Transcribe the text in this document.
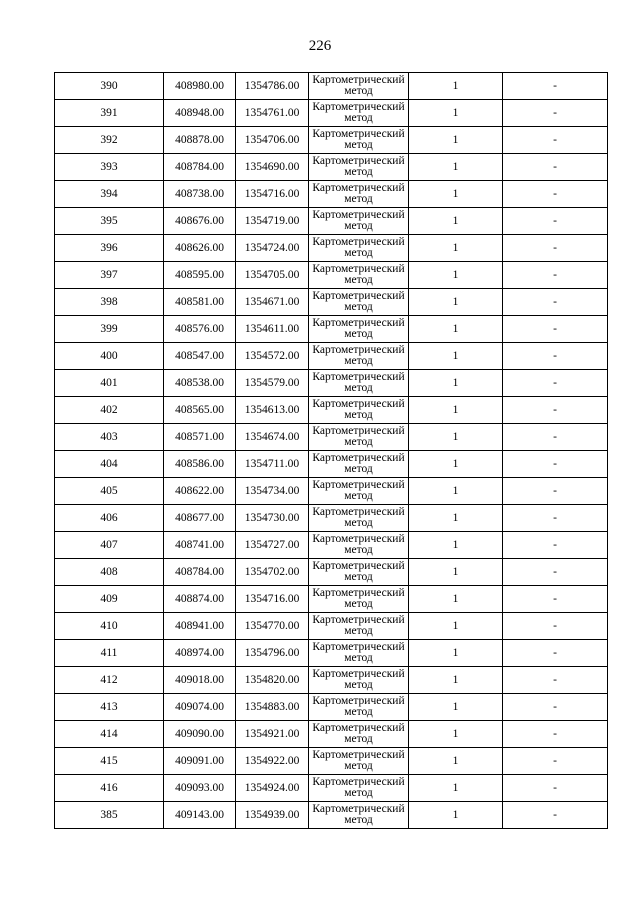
226
390	408980.00	1354786.00	Картометрический
метод	1	-
391	408948.00	1354761.00	Картометрический
метод	1	-
392	408878.00	1354706.00	Картометрический
метод	1	-
393	408784.00	1354690.00	Картометрический
метод	1	-
394	408738.00	1354716.00	Картометрический
метод	1	-
395	408676.00	1354719.00	Картометрический
метод	1	-
396	408626.00	1354724.00	Картометрический
метод	1	-
397	408595.00	1354705.00	Картометрический
метод	1	-
398	408581.00	1354671.00	Картометрический
метод	1	-
399	408576.00	1354611.00	Картометрический
метод	1	-
400	408547.00	1354572.00	Картометрический
метод	1	-
401	408538.00	1354579.00	Картометрический
метод	1	-
402	408565.00	1354613.00	Картометрический
метод	1	-
403	408571.00	1354674.00	Картометрический
метод	1	-
404	408586.00	1354711.00	Картометрический
метод	1	-
405	408622.00	1354734.00	Картометрический
метод	1	-
406	408677.00	1354730.00	Картометрический
метод	1	-
407	408741.00	1354727.00	Картометрический
метод	1	-
408	408784.00	1354702.00	Картометрический
метод	1	-
409	408874.00	1354716.00	Картометрический
метод	1	-
410	408941.00	1354770.00	Картометрический
метод	1	-
411	408974.00	1354796.00	Картометрический
метод	1	-
412	409018.00	1354820.00	Картометрический
метод	1	-
413	409074.00	1354883.00	Картометрический
метод	1	-
414	409090.00	1354921.00	Картометрический
метод	1	-
415	409091.00	1354922.00	Картометрический
метод	1	-
416	409093.00	1354924.00	Картометрический
метод	1	-
385	409143.00	1354939.00	Картометрический
метод	1	-
